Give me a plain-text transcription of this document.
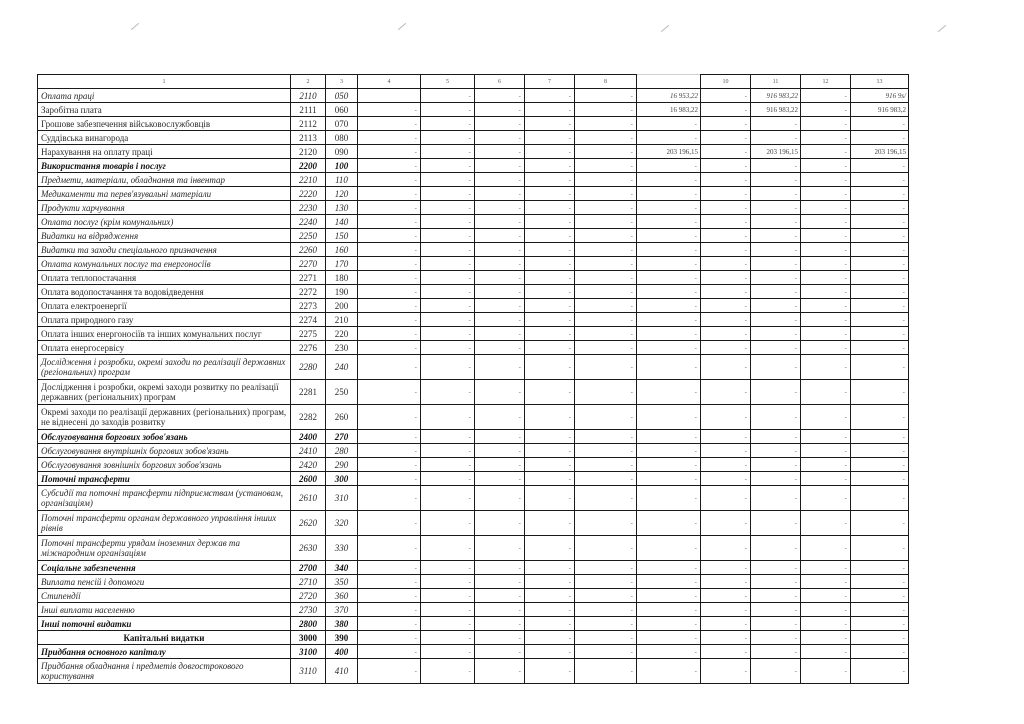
1	2	3	4	5	6	7	8		10	11	12	13
Оплата праці	2110	050		-	-	-	-	16 953,22	-	916 983,22	-	916 9s/
Заробітна плата	2111	060	-	-	-	-	-	16 983,22	-	916 983,22	-	916 983,2
Грошове забезпечення військовослужбовців	2112	070	-	-	-	-	-	-	-	-	-	-
Суддівська винагорода	2113	080	-	-	-	-	-	-	-	-	-	-
Нарахування на оплату праці	2120	090	-	-	-	-	-	203 196,15	-	203 196,15	-	203 196,15
Використання товарів і послуг	2200	100	-	-	-	-	-	-	-	-	-	-
Предмети, матеріали, обладнання та інвентар	2210	110	-	-	-	-	-	-	-	-	-	-
Медикаменти та перев'язувальні матеріали	2220	120	-	-	-	-	-	-	-	-	-	-
Продукти харчування	2230	130	-	-	-	-	-	-	-	-	-	-
Оплата послуг (крім комунальних)	2240	140	-	-	-	-	-	-	-	-	-	-
Видатки на відрядження	2250	150	-	-	-	-	-	-	-	-	-	-
Видатки та заходи спеціального призначення	2260	160	-	-	-	-	-	-	-	-	-	-
Оплата комунальних послуг та енергоносіїв	2270	170	-	-	-	-	-	-	-	-	-	-
Оплата теплопостачання	2271	180	-	-	-	-	-	-	-	-	-	-
Оплата водопостачання та водовідведення	2272	190	-	-	-	-	-	-	-	-	-	-
Оплата електроенергії	2273	200	-	-	-	-	-	-	-	-	-	-
Оплата природного газу	2274	210	-	-	-	-	-	-	-	-	-	-
Оплата інших енергоносіїв та інших комунальних послуг	2275	220	-	-	-	-	-	-	-	-	-	-
Оплата енергосервісу	2276	230	-	-	-	-	-	-	-	-	-	-
Дослідження і розробки, окремі заходи по реалізації державних (регіональних) програм	2280	240	-	-	-	-	-	-	-	-	-	-
Дослідження і розробки, окремі заходи розвитку по реалізації державних (регіональних) програм	2281	250	-	-	-	-	-	-	-	-	-	-
Окремі заходи по реалізації державних (регіональних) програм, не віднесені до заходів розвитку	2282	260	-	-	-	-	-	-	-	-	-	-
Обслуговування боргових зобов'язань	2400	270	-	-	-	-	-	-	-	-	-	-
Обслуговування внутрішніх боргових зобов'язань	2410	280	-	-	-	-	-	-	-	-	-	-
Обслуговування зовнішніх боргових зобов'язань	2420	290	-	-	-	-	-	-	-	-	-	-
Поточні трансферти	2600	300	-	-	-	-	-	-	-	-	-	-
Субсидії та поточні трансферти підприємствам (установам, організаціям)	2610	310	-	-	-	-	-	-	-	-	-	-
Поточні трансферти органам державного управління інших рівнів	2620	320	-	-	-	-	-	-	-	-	-	-
Поточні трансферти урядам іноземних держав та міжнародним організаціям	2630	330	-	-	-	-	-	-	-	-	-	-
Соціальне забезпечення	2700	340	-	-	-	-	-	-	-	-	-	-
Виплата пенсій і допомоги	2710	350	-	-	-	-	-	-	-	-	-	-
Стипендії	2720	360	-	-	-	-	-	-	-	-	-	-
Інші виплати населенню	2730	370	-	-	-	-	-	-	-	-	-	-
Інші поточні видатки	2800	380	-	-	-	-	-	-	-	-	-	-
Капітальні видатки	3000	390	-	-	-	-	-	-	-	-	-	-
Придбання основного капіталу	3100	400	-	-	-	-	-	-	-	-	-	-
Придбання обладнання і предметів довгострокового користування	3110	410	-	-	-	-	-	-	-	-	-	-
